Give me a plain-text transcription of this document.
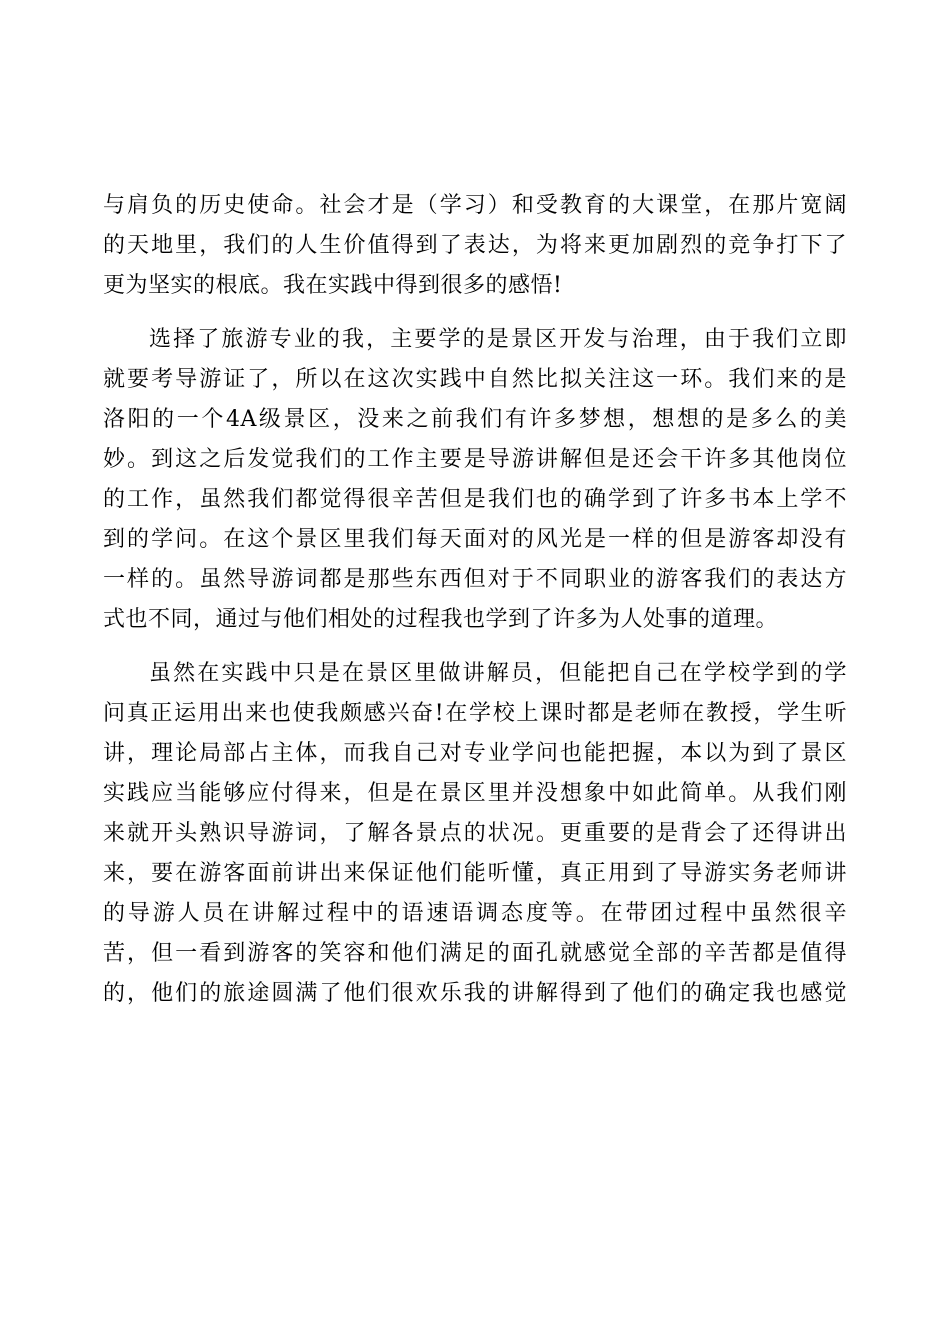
与肩负的历史使命。社会才是（学习）和受教育的大课堂，在那片宽阔
的天地里，我们的人生价值得到了表达，为将来更加剧烈的竞争打下了
更为坚实的根底。我在实践中得到很多的感悟!
选择了旅游专业的我，主要学的是景区开发与治理，由于我们立即
就要考导游证了，所以在这次实践中自然比拟关注这一环。我们来的是
洛阳的一个4A级景区，没来之前我们有许多梦想，想想的是多么的美
妙。到这之后发觉我们的工作主要是导游讲解但是还会干许多其他岗位
的工作，虽然我们都觉得很辛苦但是我们也的确学到了许多书本上学不
到的学问。在这个景区里我们每天面对的风光是一样的但是游客却没有
一样的。虽然导游词都是那些东西但对于不同职业的游客我们的表达方
式也不同，通过与他们相处的过程我也学到了许多为人处事的道理。
虽然在实践中只是在景区里做讲解员，但能把自己在学校学到的学
问真正运用出来也使我颇感兴奋!在学校上课时都是老师在教授，学生听
讲，理论局部占主体，而我自己对专业学问也能把握，本以为到了景区
实践应当能够应付得来，但是在景区里并没想象中如此简单。从我们刚
来就开头熟识导游词，了解各景点的状况。更重要的是背会了还得讲出
来，要在游客面前讲出来保证他们能听懂，真正用到了导游实务老师讲
的导游人员在讲解过程中的语速语调态度等。在带团过程中虽然很辛
苦，但一看到游客的笑容和他们满足的面孔就感觉全部的辛苦都是值得
的，他们的旅途圆满了他们很欢乐我的讲解得到了他们的确定我也感觉
